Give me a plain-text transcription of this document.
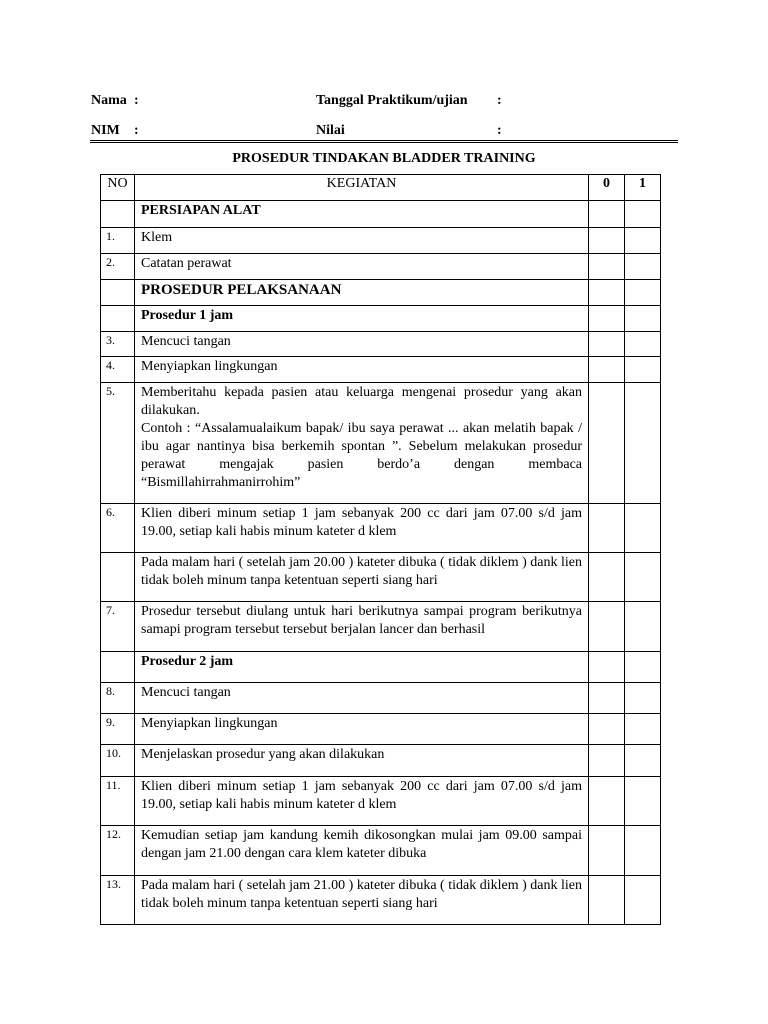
Nama :	Tanggal Praktikum/ujian :
NIM :	Nilai	:
PROSEDUR TINDAKAN BLADDER TRAINING
NO	KEGIATAN	0	1
	PERSIAPAN ALAT		
1.	Klem		
2.	Catatan perawat		
	PROSEDUR PELAKSANAAN		
	Prosedur 1 jam		
3.	Mencuci tangan		
4.	Menyiapkan lingkungan		
5.	Memberitahu kepada pasien atau keluarga mengenai prosedur yang akan dilakukan.
Contoh : “Assalamualaikum bapak/ ibu saya perawat ... akan melatih bapak / ibu agar nantinya bisa berkemih spontan ”. Sebelum melakukan prosedur perawat mengajak pasien berdo’a dengan membaca “Bismillahirrahmanirrohim”		

6.	Klien diberi minum setiap 1 jam sebanyak 200 cc dari jam 07.00 s/d jam 19.00, setiap kali habis minum kateter d klem		
	Pada malam hari ( setelah jam 20.00 ) kateter dibuka ( tidak diklem ) dank lien tidak boleh minum tanpa ketentuan seperti siang hari		
7.	Prosedur tersebut diulang untuk hari berikutnya sampai program berikutnya samapi program tersebut tersebut berjalan lancer dan berhasil		
	Prosedur 2 jam		
8.	Mencuci tangan		
9.	Menyiapkan lingkungan		
10.	Menjelaskan prosedur yang akan dilakukan		
11.	Klien diberi minum setiap 1 jam sebanyak 200 cc dari jam 07.00 s/d jam 19.00, setiap kali habis minum kateter d klem		
12.	Kemudian setiap jam kandung kemih dikosongkan mulai jam 09.00 sampai dengan jam 21.00 dengan cara klem kateter dibuka		
13.	Pada malam hari ( setelah jam 21.00 ) kateter dibuka ( tidak diklem ) dank lien tidak boleh minum tanpa ketentuan seperti siang hari		
